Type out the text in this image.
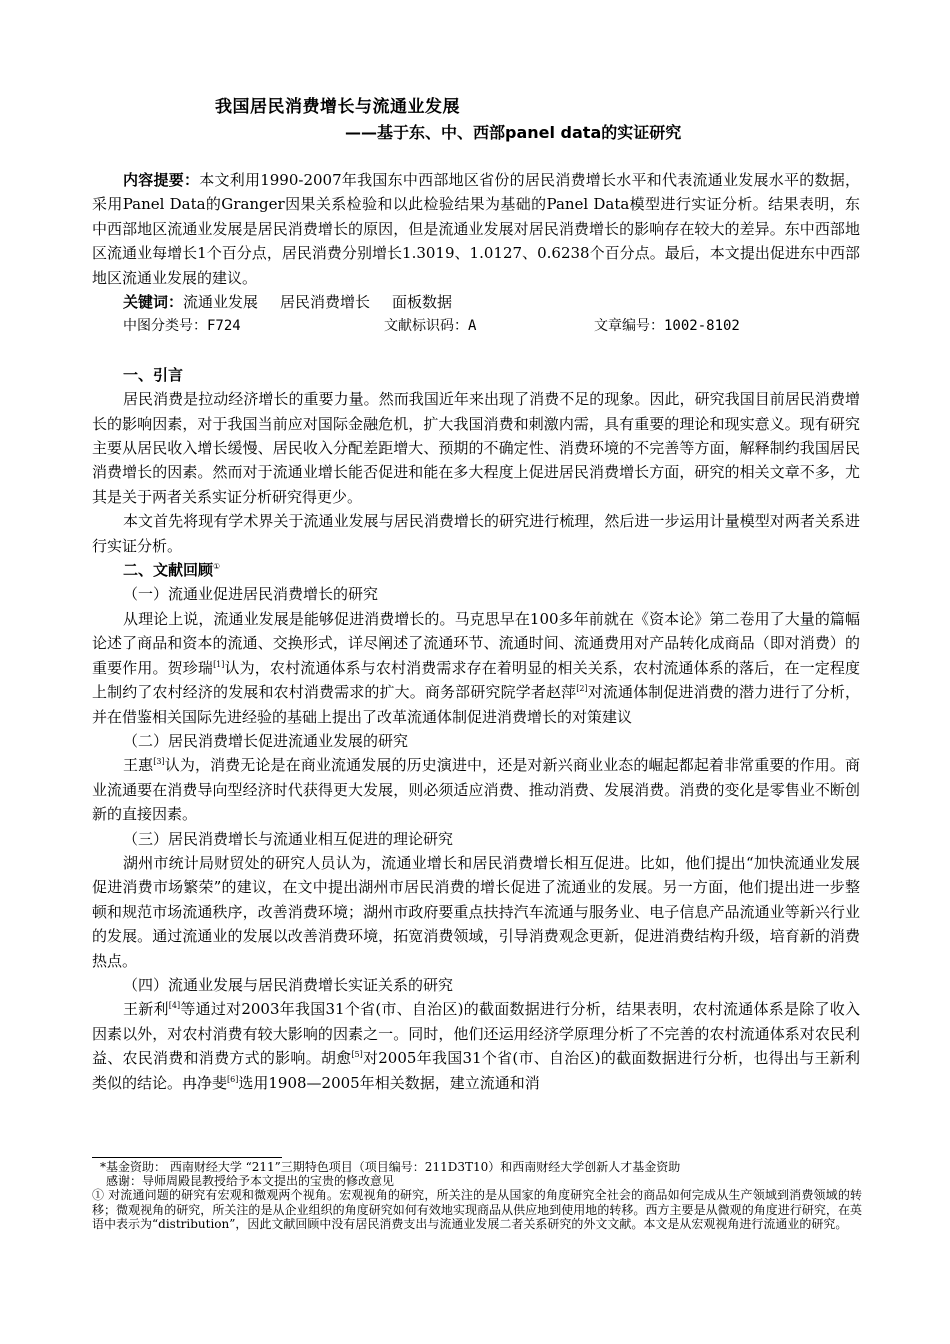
我国居民消费增长与流通业发展
——基于东、中、西部panel data的实证研究

内容提要：本文利用1990-2007年我国东中西部地区省份的居民消费增长水平和代表流通业发展水平的数据，采用Panel Data的Granger因果关系检验和以此检验结果为基础的Panel Data模型进行实证分析。结果表明，东中西部地区流通业发展是居民消费增长的原因，但是流通业发展对居民消费增长的影响存在较大的差异。东中西部地区流通业每增长1个百分点，居民消费分别增长1.3019、1.0127、0.6238个百分点。最后，本文提出促进东中西部地区流通业发展的建议。

关键词： 流通业发展 居民消费增长 面板数据
中图分类号：F724	文献标识码：A	文章编号：1002-8102

一、引言

居民消费是拉动经济增长的重要力量。然而我国近年来出现了消费不足的现象。因此，研究我国目前居民消费增长的影响因素，对于我国当前应对国际金融危机，扩大我国消费和刺激内需，具有重要的理论和现实意义。现有研究主要从居民收入增长缓慢、居民收入分配差距增大、预期的不确定性、消费环境的不完善等方面，解释制约我国居民消费增长的因素。然而对于流通业增长能否促进和能在多大程度上促进居民消费增长方面，研究的相关文章不多，尤其是关于两者关系实证分析研究得更少。

本文首先将现有学术界关于流通业发展与居民消费增长的研究进行梳理，然后进一步运用计量模型对两者关系进行实证分析。

二、文献回顾①

（一）流通业促进居民消费增长的研究

从理论上说，流通业发展是能够促进消费增长的。马克思早在100多年前就在《资本论》第二卷用了大量的篇幅论述了商品和资本的流通、交换形式，详尽阐述了流通环节、流通时间、流通费用对产品转化成商品（即对消费）的重要作用。贺珍瑞[1]认为，农村流通体系与农村消费需求存在着明显的相关关系，农村流通体系的落后，在一定程度上制约了农村经济的发展和农村消费需求的扩大。商务部研究院学者赵萍[2]对流通体制促进消费的潜力进行了分析，并在借鉴相关国际先进经验的基础上提出了改革流通体制促进消费增长的对策建议

（二）居民消费增长促进流通业发展的研究

王惠[3]认为，消费无论是在商业流通发展的历史演进中，还是对新兴商业业态的崛起都起着非常重要的作用。商业流通要在消费导向型经济时代获得更大发展，则必须适应消费、推动消费、发展消费。消费的变化是零售业不断创新的直接因素。

（三）居民消费增长与流通业相互促进的理论研究

湖州市统计局财贸处的研究人员认为，流通业增长和居民消费增长相互促进。比如，他们提出“加快流通业发展 促进消费市场繁荣”的建议，在文中提出湖州市居民消费的增长促进了流通业的发展。另一方面，他们提出进一步整顿和规范市场流通秩序，改善消费环境；湖州市政府要重点扶持汽车流通与服务业、电子信息产品流通业等新兴行业的发展。通过流通业的发展以改善消费环境，拓宽消费领域，引导消费观念更新，促进消费结构升级，培育新的消费热点。

（四）流通业发展与居民消费增长实证关系的研究

王新利[4]等通过对2003年我国31个省(市、自治区)的截面数据进行分析，结果表明，农村流通体系是除了收入因素以外，对农村消费有较大影响的因素之一。同时，他们还运用经济学原理分析了不完善的农村流通体系对农民利益、农民消费和消费方式的影响。胡愈[5]对2005年我国31个省(市、自治区)的截面数据进行分析，也得出与王新利类似的结论。冉净斐[6]选用1908—2005年相关数据，建立流通和消

*基金资助： 西南财经大学 “211”三期特色项目（项目编号：211D3T10）和西南财经大学创新人才基金资助

感谢：导师周殿昆教授给予本文提出的宝贵的修改意见

① 对流通问题的研究有宏观和微观两个视角。宏观视角的研究，所关注的是从国家的角度研究全社会的商品如何完成从生产领域到消费领域的转移；微观视角的研究，所关注的是从企业组织的角度研究如何有效地实现商品从供应地到使用地的转移。西方主要是从微观的角度进行研究，在英语中表示为“distribution”，因此文献回顾中没有居民消费支出与流通业发展二者关系研究的外文文献。本文是从宏观视角进行流通业的研究。
